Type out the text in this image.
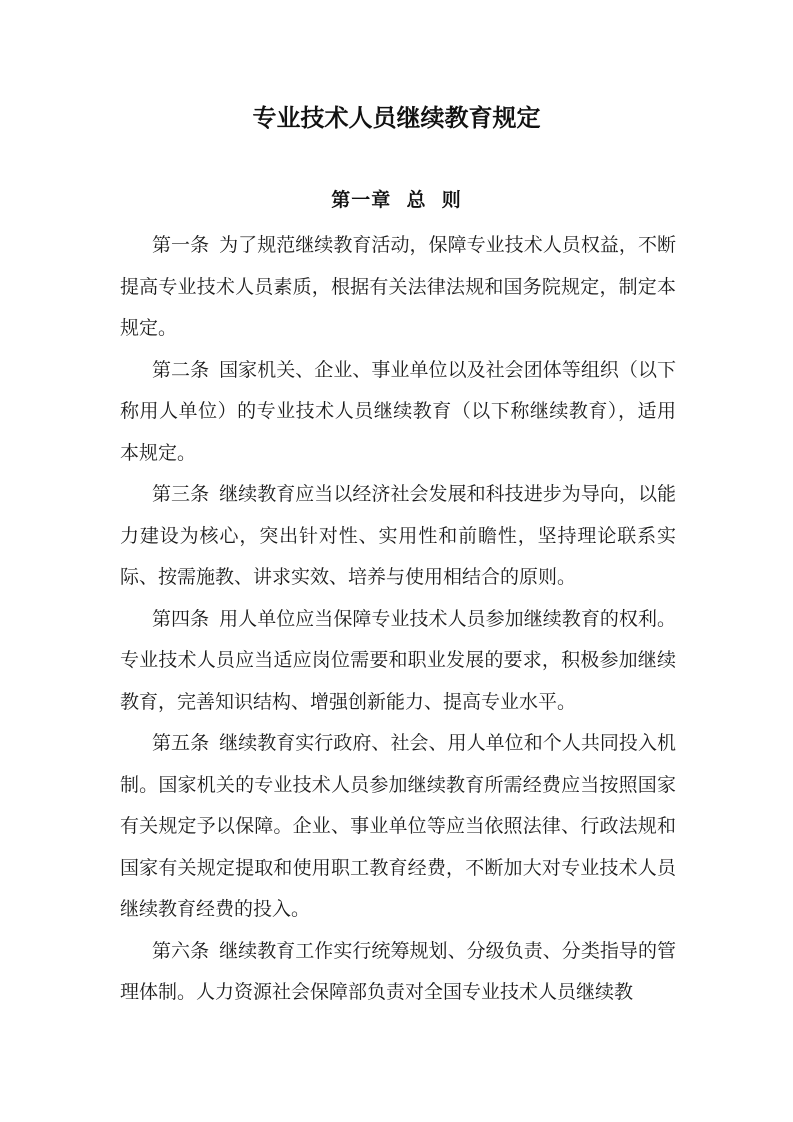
专业技术人员继续教育规定
第一章  总  则

第一条 为了规范继续教育活动，保障专业技术人员权益，不断提高专业技术人员素质，根据有关法律法规和国务院规定，制定本规定。

第二条 国家机关、企业、事业单位以及社会团体等组织（以下称用人单位）的专业技术人员继续教育（以下称继续教育），适用本规定。

第三条 继续教育应当以经济社会发展和科技进步为导向，以能力建设为核心，突出针对性、实用性和前瞻性，坚持理论联系实际、按需施教、讲求实效、培养与使用相结合的原则。

第四条 用人单位应当保障专业技术人员参加继续教育的权利。专业技术人员应当适应岗位需要和职业发展的要求，积极参加继续教育，完善知识结构、增强创新能力、提高专业水平。

第五条 继续教育实行政府、社会、用人单位和个人共同投入机制。国家机关的专业技术人员参加继续教育所需经费应当按照国家有关规定予以保障。企业、事业单位等应当依照法律、行政法规和国家有关规定提取和使用职工教育经费，不断加大对专业技术人员继续教育经费的投入。

第六条 继续教育工作实行统筹规划、分级负责、分类指导的管理体制。人力资源社会保障部负责对全国专业技术人员继续教
